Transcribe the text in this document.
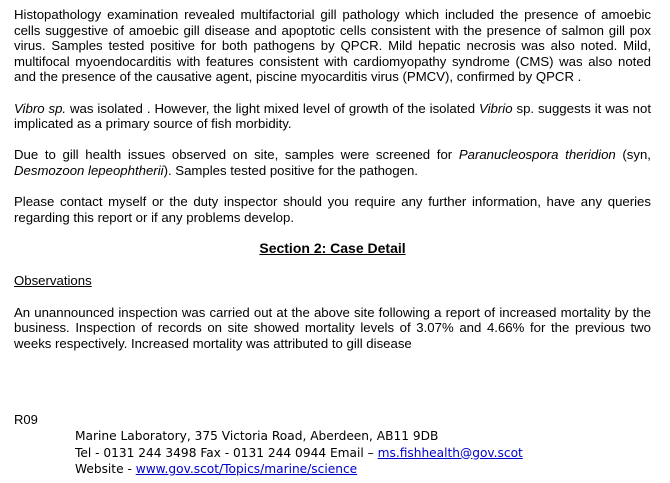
Histopathology examination revealed multifactorial gill pathology which included the presence of amoebic cells suggestive of amoebic gill disease and apoptotic cells consistent with the presence of salmon gill pox virus. Samples tested positive for both pathogens by QPCR. Mild hepatic necrosis was also noted. Mild, multifocal myoendocarditis with features consistent with cardiomyopathy syndrome (CMS) was also noted and the presence of the causative agent, piscine myocarditis virus (PMCV), confirmed by QPCR .

Vibro sp. was isolated . However, the light mixed level of growth of the isolated Vibrio sp. suggests it was not implicated as a primary source of fish morbidity.

Due to gill health issues observed on site, samples were screened for Paranucleospora theridion (syn, Desmozoon lepeophtherii). Samples tested positive for the pathogen.

Please contact myself or the duty inspector should you require any further information, have any queries regarding this report or if any problems develop.

Section 2: Case Detail

Observations

An unannounced inspection was carried out at the above site following a report of increased mortality by the business. Inspection of records on site showed mortality levels of 3.07% and 4.66% for the previous two weeks respectively. Increased mortality was attributed to gill disease

R09
Marine Laboratory, 375 Victoria Road, Aberdeen, AB11 9DB
Tel - 0131 244 3498 Fax - 0131 244 0944 Email – ms.fishhealth@gov.scot
Website - www.gov.scot/Topics/marine/science
